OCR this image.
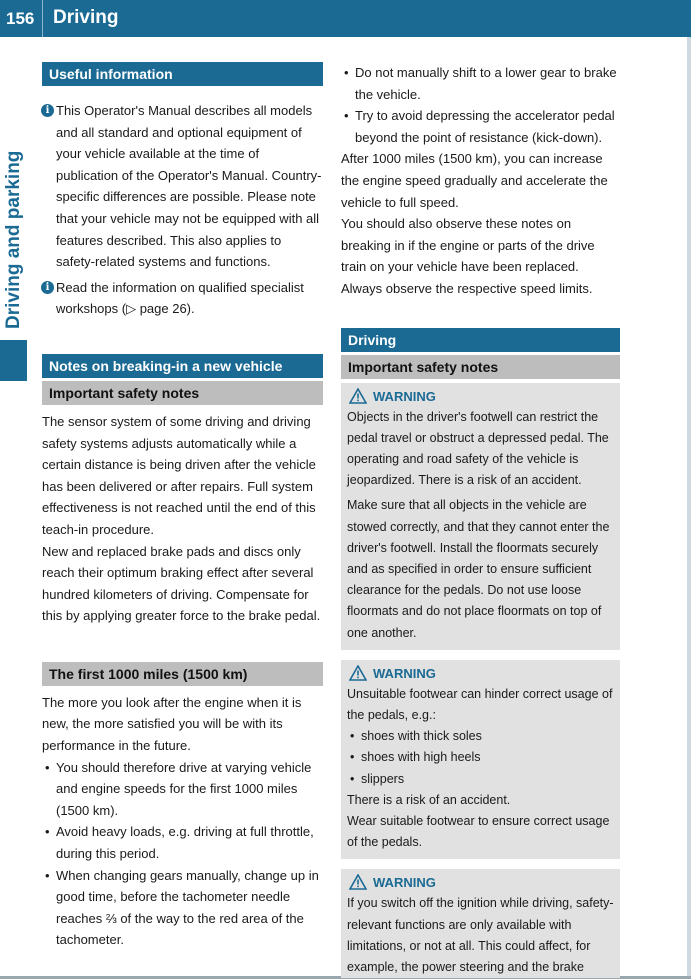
156 Driving
Driving and parking
Useful information
i This Operator's Manual describes all models and all standard and optional equipment of your vehicle available at the time of publication of the Operator's Manual. Country-specific differences are possible. Please note that your vehicle may not be equipped with all features described. This also applies to safety-related systems and functions.
i Read the information on qualified specialist workshops (▷ page 26).
Notes on breaking-in a new vehicle
Important safety notes

The sensor system of some driving and driving safety systems adjusts automatically while a certain distance is being driven after the vehicle has been delivered or after repairs. Full system effectiveness is not reached until the end of this teach-in procedure.

New and replaced brake pads and discs only reach their optimum braking effect after several hundred kilometers of driving. Compensate for this by applying greater force to the brake pedal.

The first 1000 miles (1500 km)

The more you look after the engine when it is new, the more satisfied you will be with its performance in the future.

• You should therefore drive at varying vehicle and engine speeds for the first 1000 miles (1500 km).
• Avoid heavy loads, e.g. driving at full throttle, during this period.
• When changing gears manually, change up in good time, before the tachometer needle reaches ⅔ of the way to the red area of the tachometer.
• Do not manually shift to a lower gear to brake the vehicle.
• Try to avoid depressing the accelerator pedal beyond the point of resistance (kick-down).

After 1000 miles (1500 km), you can increase the engine speed gradually and accelerate the vehicle to full speed.

You should also observe these notes on breaking in if the engine or parts of the drive train on your vehicle have been replaced.

Always observe the respective speed limits.

Driving
Important safety notes
WARNING

Objects in the driver's footwell can restrict the pedal travel or obstruct a depressed pedal. The operating and road safety of the vehicle is jeopardized. There is a risk of an accident.

Make sure that all objects in the vehicle are stowed correctly, and that they cannot enter the driver's footwell. Install the floormats securely and as specified in order to ensure sufficient clearance for the pedals. Do not use loose floormats and do not place floormats on top of one another.

WARNING

Unsuitable footwear can hinder correct usage of the pedals, e.g.:

• shoes with thick soles
• shoes with high heels
• slippers

There is a risk of an accident.

Wear suitable footwear to ensure correct usage of the pedals.

WARNING

If you switch off the ignition while driving, safety-relevant functions are only available with limitations, or not at all. This could affect, for example, the power steering and the brake
